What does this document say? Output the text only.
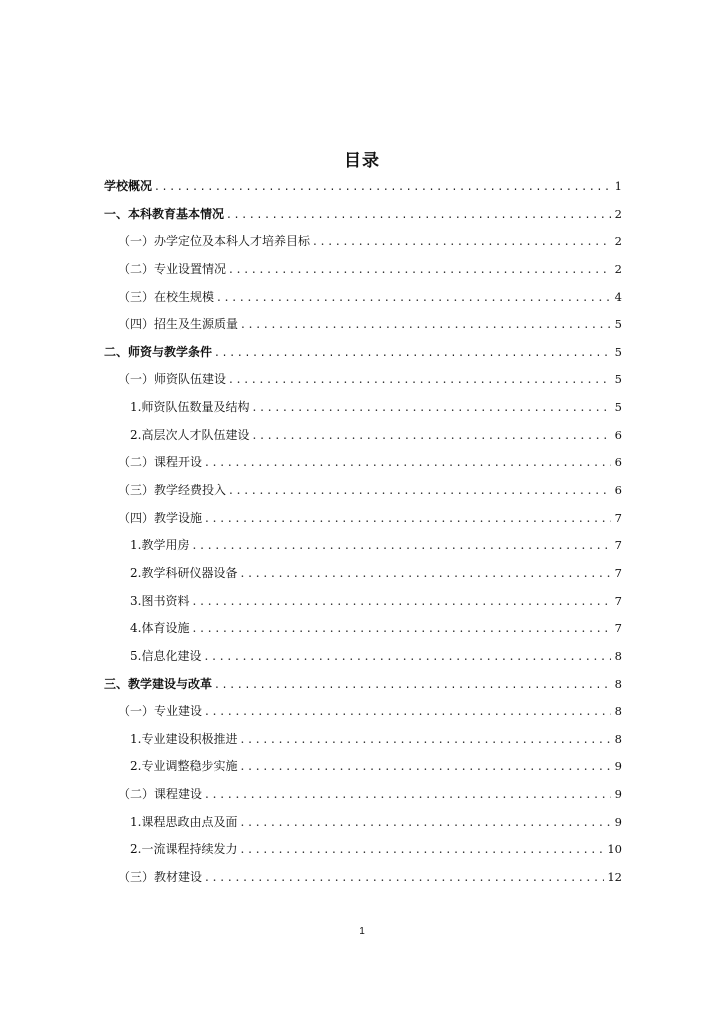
目录
学校概况 . . .	1
一、本科教育基本情况 . . .	2
（一）办学定位及本科人才培养目标 . . .	2
（二）专业设置情况 . . .	2
（三）在校生规模 . . .	4
（四）招生及生源质量 . . .	5
二、师资与教学条件 . . .	5
（一）师资队伍建设 . . .	5
1.师资队伍数量及结构 . . .	5
2.高层次人才队伍建设 . . .	6
（二）课程开设 . . .	6
（三）教学经费投入 . . .	6
（四）教学设施 . . .	7
1.教学用房 . . .	7
2.教学科研仪器设备 . . .	7
3.图书资料 . . .	7
4.体育设施 . . .	7
5.信息化建设 . . .	8
三、教学建设与改革 . . .	8
（一）专业建设 . . .	8
1.专业建设积极推进 . . .	8
2.专业调整稳步实施 . . .	9
（二）课程建设 . . .	9
1.课程思政由点及面 . . .	9
2.一流课程持续发力 . . .	10
（三）教材建设 . . .	12
1
